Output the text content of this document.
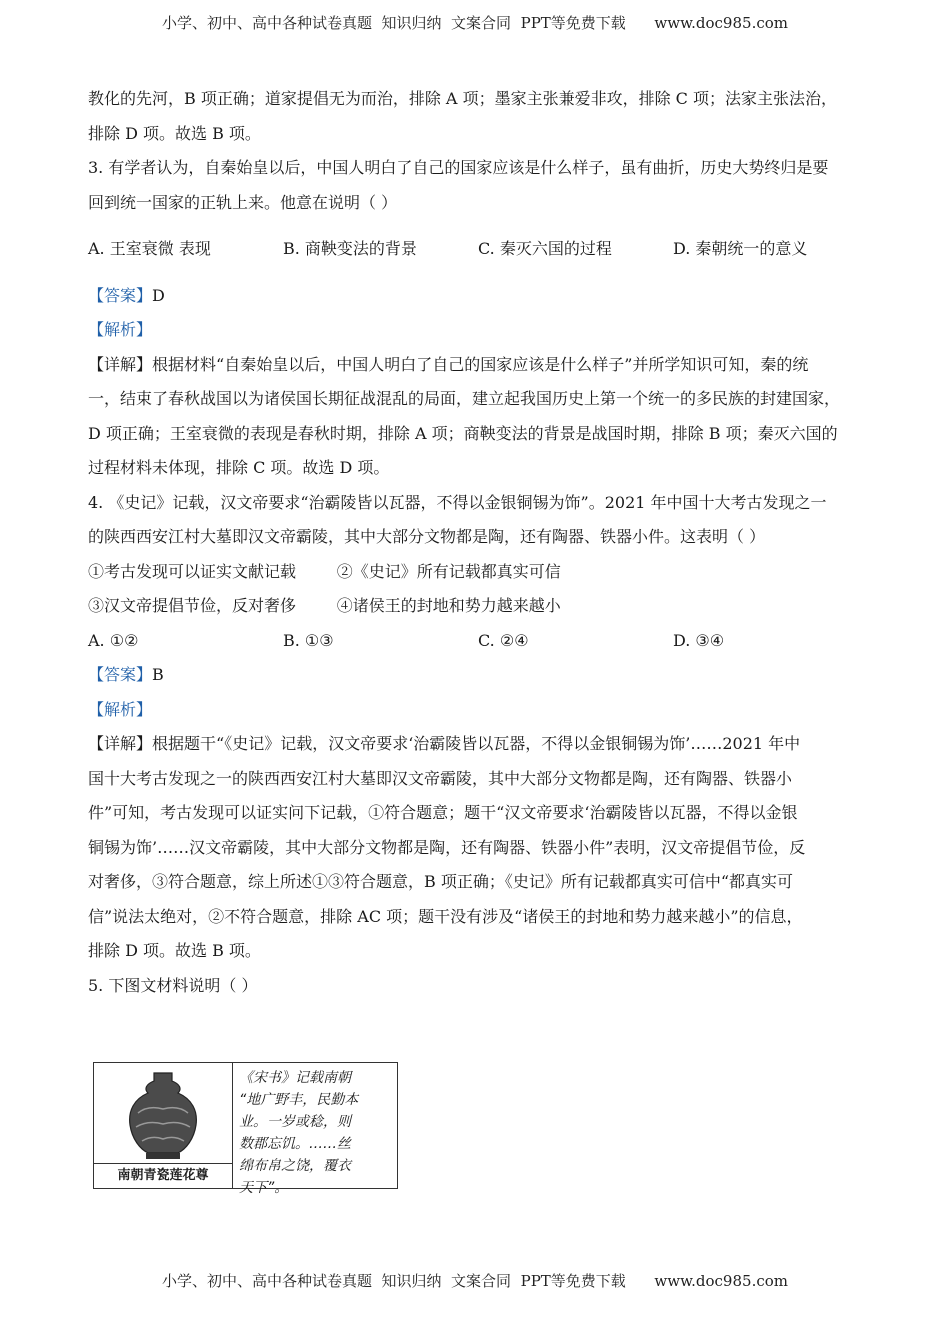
小学、初中、高中各种试卷真题  知识归纳  文案合同  PPT等免费下载      www.doc985.com
教化的先河，B 项正确；道家提倡无为而治，排除 A 项；墨家主张兼爱非攻，排除 C 项；法家主张法治，
排除 D 项。故选 B 项。
3. 有学者认为，自秦始皇以后，中国人明白了自己的国家应该是什么样子，虽有曲折，历史大势终归是要
回到统一国家的正轨上来。他意在说明（ ）
A. 王室衰微 表现	B. 商鞅变法的背景	C. 秦灭六国的过程	D. 秦朝统一的意义
【答案】D
【解析】
【详解】根据材料“自秦始皇以后，中国人明白了自己的国家应该是什么样子”并所学知识可知，秦的统
一，结束了春秋战国以为诸侯国长期征战混乱的局面，建立起我国历史上第一个统一的多民族的封建国家，
D 项正确；王室衰微的表现是春秋时期，排除 A 项；商鞅变法的背景是战国时期，排除 B 项；秦灭六国的
过程材料未体现，排除 C 项。故选 D 项。
4. 《史记》记载，汉文帝要求“治霸陵皆以瓦器，不得以金银铜锡为饰”。2021 年中国十大考古发现之一
的陕西西安江村大墓即汉文帝霸陵，其中大部分文物都是陶，还有陶器、铁器小件。这表明（ ）
①考古发现可以证实文献记载        ②《史记》所有记载都真实可信
③汉文帝提倡节俭，反对奢侈        ④诸侯王的封地和势力越来越小
A. ①②	B. ①③	C. ②④	D. ③④
【答案】B
【解析】
【详解】根据题干“《史记》记载，汉文帝要求‘治霸陵皆以瓦器，不得以金银铜锡为饰’……2021 年中
国十大考古发现之一的陕西西安江村大墓即汉文帝霸陵，其中大部分文物都是陶，还有陶器、铁器小
件”可知，考古发现可以证实问下记载，①符合题意；题干“汉文帝要求‘治霸陵皆以瓦器，不得以金银
铜锡为饰’……汉文帝霸陵，其中大部分文物都是陶，还有陶器、铁器小件”表明，汉文帝提倡节俭，反
对奢侈，③符合题意，综上所述①③符合题意，B 项正确；《史记》所有记载都真实可信中“都真实可
信”说法太绝对，②不符合题意，排除 AC 项；题干没有涉及“诸侯王的封地和势力越来越小”的信息，
排除 D 项。故选 B 项。
5. 下图文材料说明（ ）
南朝青瓷莲花尊
《宋书》记载南朝
“地广野丰，民勤本
业。一岁或稔，则
数郡忘饥。……丝
绵布帛之饶，覆衣
天下”。
小学、初中、高中各种试卷真题  知识归纳  文案合同  PPT等免费下载      www.doc985.com
